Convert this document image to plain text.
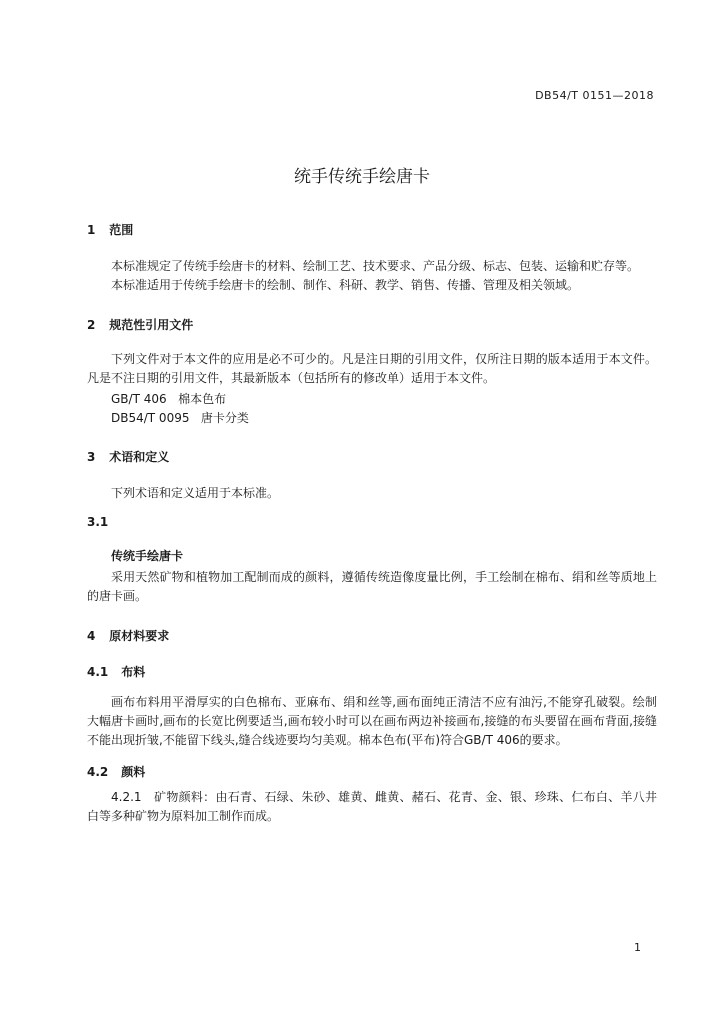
DB54/T 0151—2018
统手传统手绘唐卡
1 范围
本标准规定了传统手绘唐卡的材料、绘制工艺、技术要求、产品分级、标志、包装、运输和贮存等。
本标准适用于传统手绘唐卡的绘制、制作、科研、教学、销售、传播、管理及相关领域。
2 规范性引用文件
下列文件对于本文件的应用是必不可少的。凡是注日期的引用文件，仅所注日期的版本适用于本文件。凡是不注日期的引用文件，其最新版本（包括所有的修改单）适用于本文件。
GB/T 406 棉本色布
DB54/T 0095 唐卡分类
3 术语和定义
下列术语和定义适用于本标准。
3.1
传统手绘唐卡
采用天然矿物和植物加工配制而成的颜料，遵循传统造像度量比例，手工绘制在棉布、绢和丝等质地上的唐卡画。
4 原材料要求
4.1 布料
画布布料用平滑厚实的白色棉布、亚麻布、绢和丝等,画布面纯正清洁不应有油污,不能穿孔破裂。绘制大幅唐卡画时,画布的长宽比例要适当,画布较小时可以在画布两边补接画布,接缝的布头要留在画布背面,接缝不能出现折皱,不能留下线头,缝合线迹要均匀美观。棉本色布(平布)符合GB/T 406的要求。
4.2 颜料
4.2.1　矿物颜料：由石青、石绿、朱砂、雄黄、雌黄、赭石、花青、金、银、珍珠、仁布白、羊八井白等多种矿物为原料加工制作而成。
1
